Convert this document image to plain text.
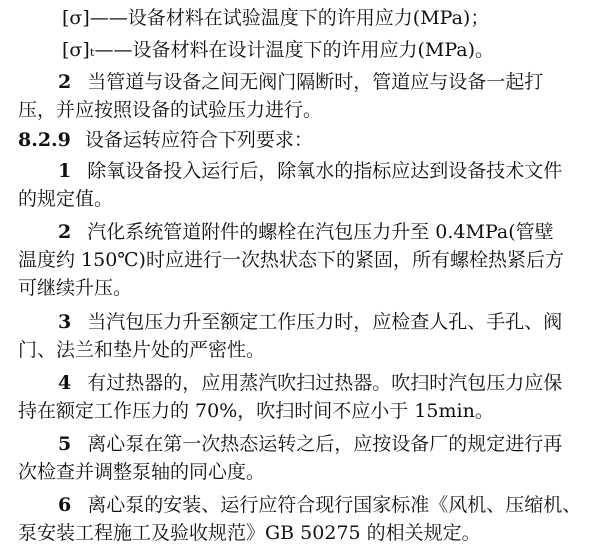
[σ]——设备材料在试验温度下的许用应力(MPa)；
[σ]ₜ——设备材料在设计温度下的许用应力(MPa)。
2 当管道与设备之间无阀门隔断时，管道应与设备一起打
压，并应按照设备的试验压力进行。
8.2.9 设备运转应符合下列要求：
1 除氧设备投入运行后，除氧水的指标应达到设备技术文件
的规定值。
2 汽化系统管道附件的螺栓在汽包压力升至 0.4MPa(管壁
温度约 150℃)时应进行一次热状态下的紧固，所有螺栓热紧后方
可继续升压。
3 当汽包压力升至额定工作压力时，应检查人孔、手孔、阀
门、法兰和垫片处的严密性。
4 有过热器的，应用蒸汽吹扫过热器。吹扫时汽包压力应保
持在额定工作压力的 70%，吹扫时间不应小于 15min。
5 离心泵在第一次热态运转之后，应按设备厂的规定进行再
次检查并调整泵轴的同心度。
6 离心泵的安装、运行应符合现行国家标准《风机、压缩机、
泵安装工程施工及验收规范》GB 50275 的相关规定。
